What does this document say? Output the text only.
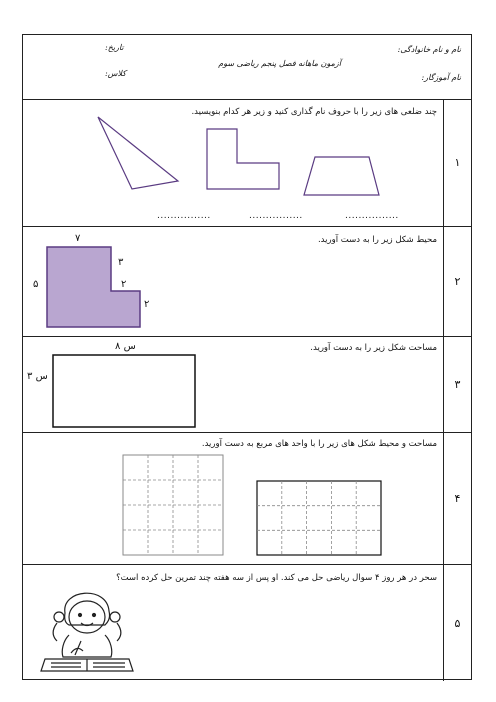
نام و نام خانوادگی:
نام آموزگار:
آزمون ماهانه فصل پنجم ریاضی سوم
تاریخ:
کلاس:
۱
چند ضلعی های زیر را با حروف نام گذاری کنید و زیر هر کدام بنویسید.
................	................	................
۲
محیط شکل زیر را به دست آورید.
۷
۵
۳
۲
۲
۳
مساحت شکل زیر را به دست آورید.
۸ س
۳ س
۴
مساحت و محیط شکل های زیر را با واحد های مربع به دست آورید.
۵
سحر در هر روز ۴ سوال ریاضی حل می کند. او پس از سه هفته چند تمرین حل کرده است؟
